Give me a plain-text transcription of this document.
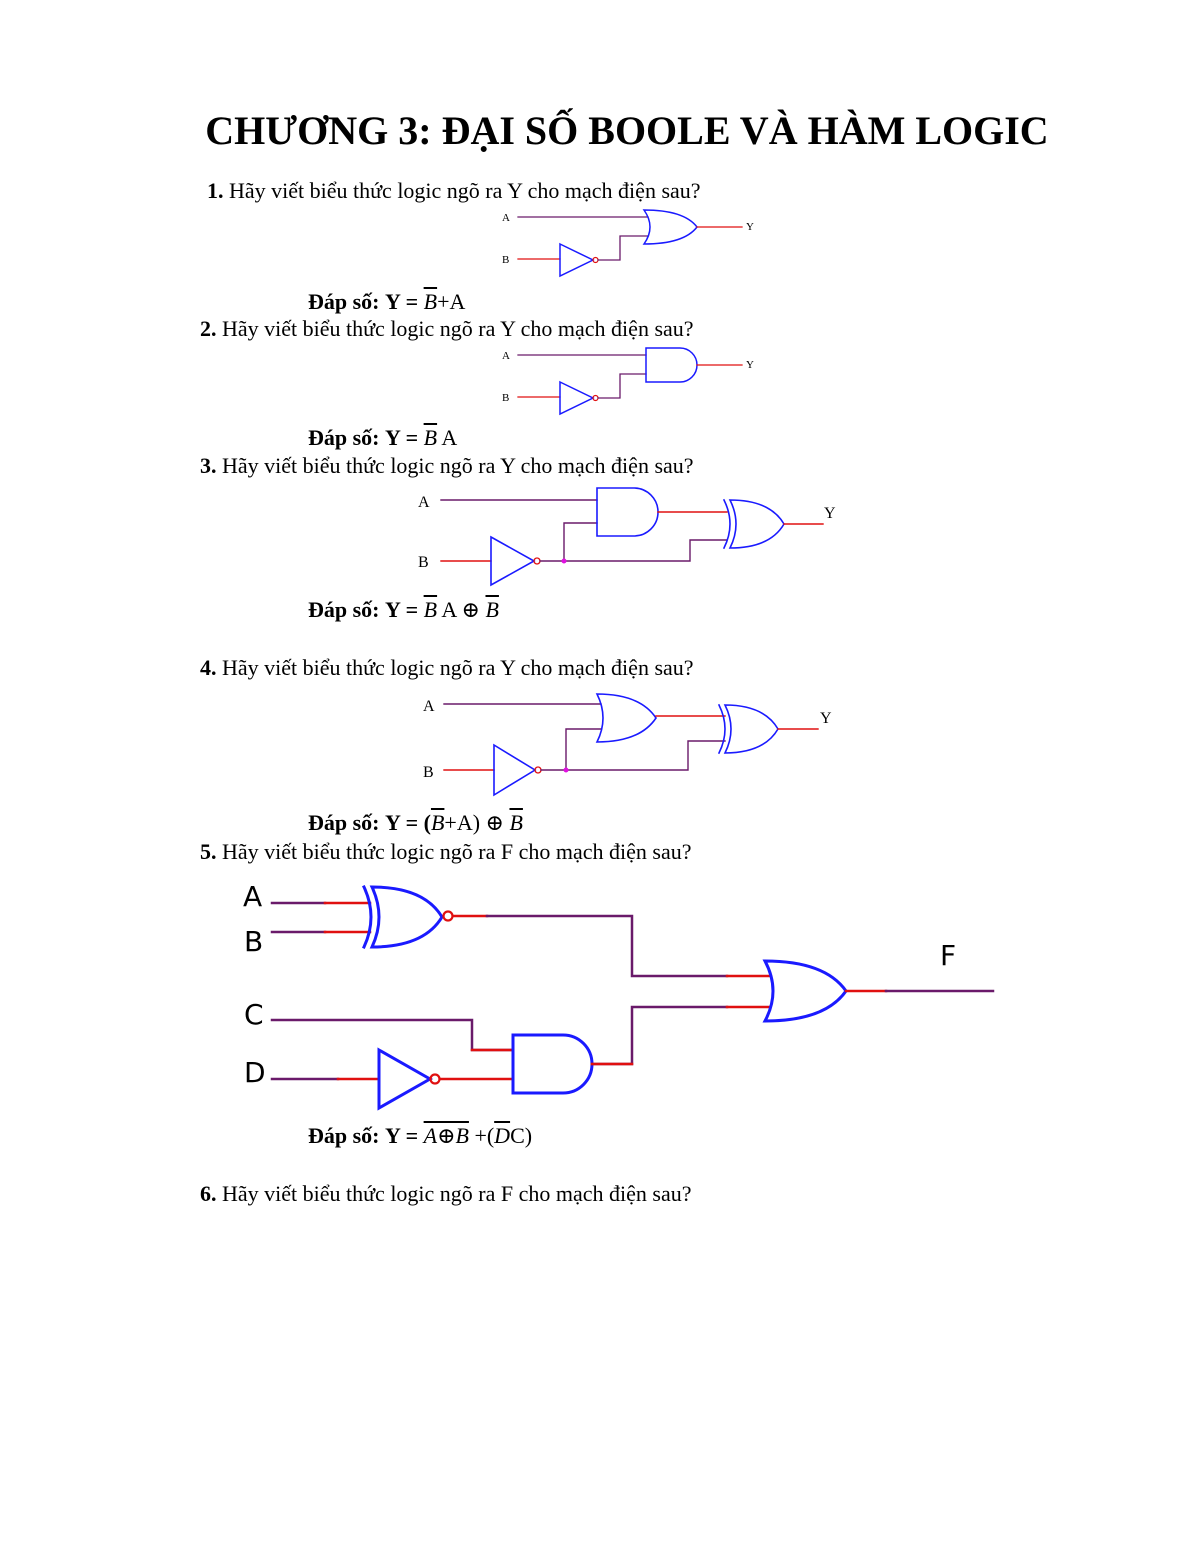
CHƯƠNG 3: ĐẠI SỐ BOOLE VÀ HÀM LOGIC
1. Hãy viết biểu thức logic ngõ ra Y cho mạch điện sau?
Đáp số: $Y = \overline{B}+A$
2. Hãy viết biểu thức logic ngõ ra Y cho mạch điện sau?
Đáp số: $Y = \overline{B}$ A
3. Hãy viết biểu thức logic ngõ ra Y cho mạch điện sau?
Đáp số: $Y = \overline{B}$ A ⊕ $\overline{B}$
4. Hãy viết biểu thức logic ngõ ra Y cho mạch điện sau?
Đáp số: $Y = (\overline{B}+A)$ ⊕ $\overline{B}$
5. Hãy viết biểu thức logic ngõ ra F cho mạch điện sau?
Đáp số: Y = A⊕B $+(\overline{D}C)$
6. Hãy viết biểu thức logic ngõ ra F cho mạch điện sau?
A
B
Y
A
B
Y
A
B
Y
A
B
Y
A
B
C
D
F
